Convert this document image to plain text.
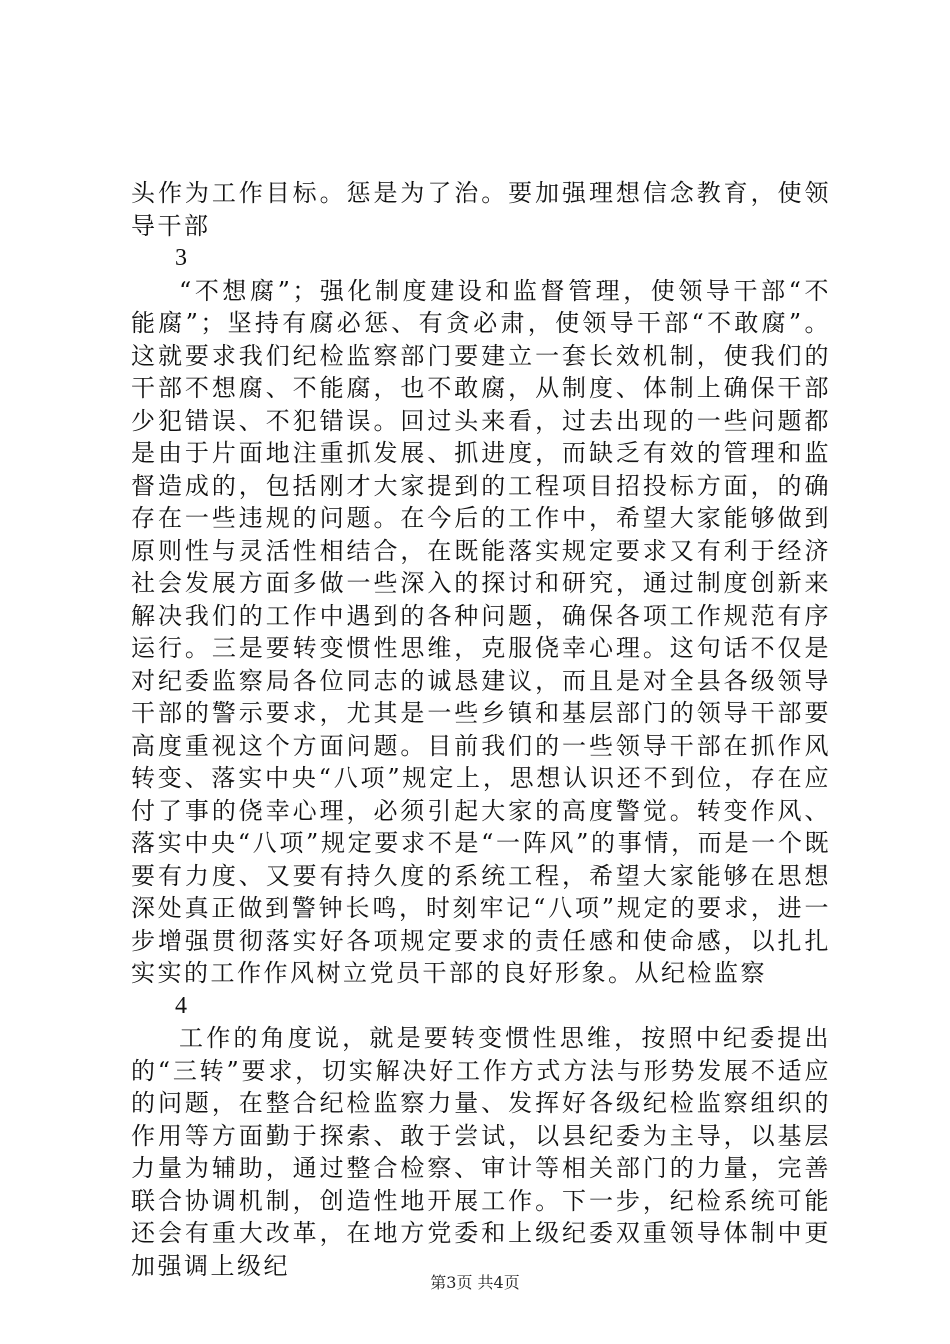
头作为工作目标。惩是为了治。要加强理想信念教育，使领导干部

3

“不想腐”；强化制度建设和监督管理，使领导干部“不能腐”；坚持有腐必惩、有贪必肃，使领导干部“不敢腐”。这就要求我们纪检监察部门要建立一套长效机制，使我们的干部不想腐、不能腐，也不敢腐，从制度、体制上确保干部少犯错误、不犯错误。回过头来看，过去出现的一些问题都是由于片面地注重抓发展、抓进度，而缺乏有效的管理和监督造成的，包括刚才大家提到的工程项目招投标方面，的确存在一些违规的问题。在今后的工作中，希望大家能够做到原则性与灵活性相结合，在既能落实规定要求又有利于经济社会发展方面多做一些深入的探讨和研究，通过制度创新来解决我们的工作中遇到的各种问题，确保各项工作规范有序运行。三是要转变惯性思维，克服侥幸心理。这句话不仅是对纪委监察局各位同志的诚恳建议，而且是对全县各级领导干部的警示要求，尤其是一些乡镇和基层部门的领导干部要高度重视这个方面问题。目前我们的一些领导干部在抓作风转变、落实中央“八项”规定上，思想认识还不到位，存在应付了事的侥幸心理，必须引起大家的高度警觉。转变作风、落实中央“八项”规定要求不是“一阵风”的事情，而是一个既要有力度、又要有持久度的系统工程，希望大家能够在思想深处真正做到警钟长鸣，时刻牢记“八项”规定的要求，进一步增强贯彻落实好各项规定要求的责任感和使命感，以扎扎实实的工作作风树立党员干部的良好形象。从纪检监察

4

工作的角度说，就是要转变惯性思维，按照中纪委提出的“三转”要求，切实解决好工作方式方法与形势发展不适应的问题，在整合纪检监察力量、发挥好各级纪检监察组织的作用等方面勤于探索、敢于尝试，以县纪委为主导，以基层力量为辅助，通过整合检察、审计等相关部门的力量，完善联合协调机制，创造性地开展工作。下一步，纪检系统可能还会有重大改革，在地方党委和上级纪委双重领导体制中更加强调上级纪

第3页 共4页
